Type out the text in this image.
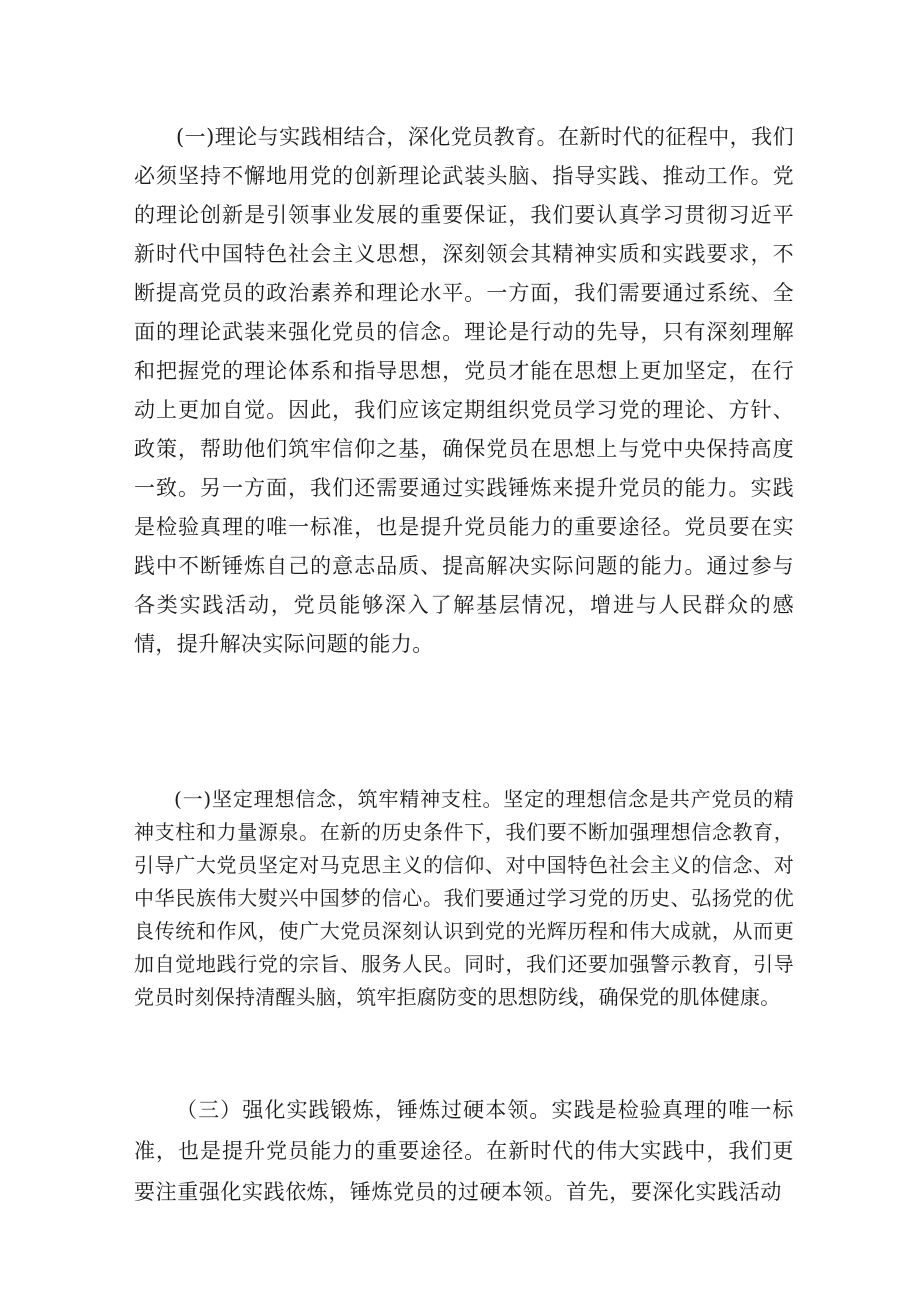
(一)理论与实践相结合，深化党员教育。在新时代的征程中，我们必须坚持不懈地用党的创新理论武装头脑、指导实践、推动工作。党的理论创新是引领事业发展的重要保证，我们要认真学习贯彻习近平新时代中国特色社会主义思想，深刻领会其精神实质和实践要求，不断提高党员的政治素养和理论水平。一方面，我们需要通过系统、全面的理论武装来强化党员的信念。理论是行动的先导，只有深刻理解和把握党的理论体系和指导思想，党员才能在思想上更加坚定，在行动上更加自觉。因此，我们应该定期组织党员学习党的理论、方针、政策，帮助他们筑牢信仰之基，确保党员在思想上与党中央保持高度一致。另一方面，我们还需要通过实践锤炼来提升党员的能力。实践是检验真理的唯一标准，也是提升党员能力的重要途径。党员要在实践中不断锤炼自己的意志品质、提高解决实际问题的能力。通过参与各类实践活动，党员能够深入了解基层情况，增进与人民群众的感情，提升解决实际问题的能力。

(一)坚定理想信念，筑牢精神支柱。坚定的理想信念是共产党员的精神支柱和力量源泉。在新的历史条件下，我们要不断加强理想信念教育，引导广大党员坚定对马克思主义的信仰、对中国特色社会主义的信念、对中华民族伟大熨兴中国梦的信心。我们要通过学习党的历史、弘扬党的优良传统和作风，使广大党员深刻认识到党的光辉历程和伟大成就，从而更加自觉地践行党的宗旨、服务人民。同时，我们还要加强警示教育，引导党员时刻保持清醒头脑，筑牢拒腐防变的思想防线，确保党的肌体健康。

（三）强化实践锻炼，锤炼过硬本领。实践是检验真理的唯一标准，也是提升党员能力的重要途径。在新时代的伟大实践中，我们更要注重强化实践依炼，锤炼党员的过硬本领。首先，要深化实践活动
